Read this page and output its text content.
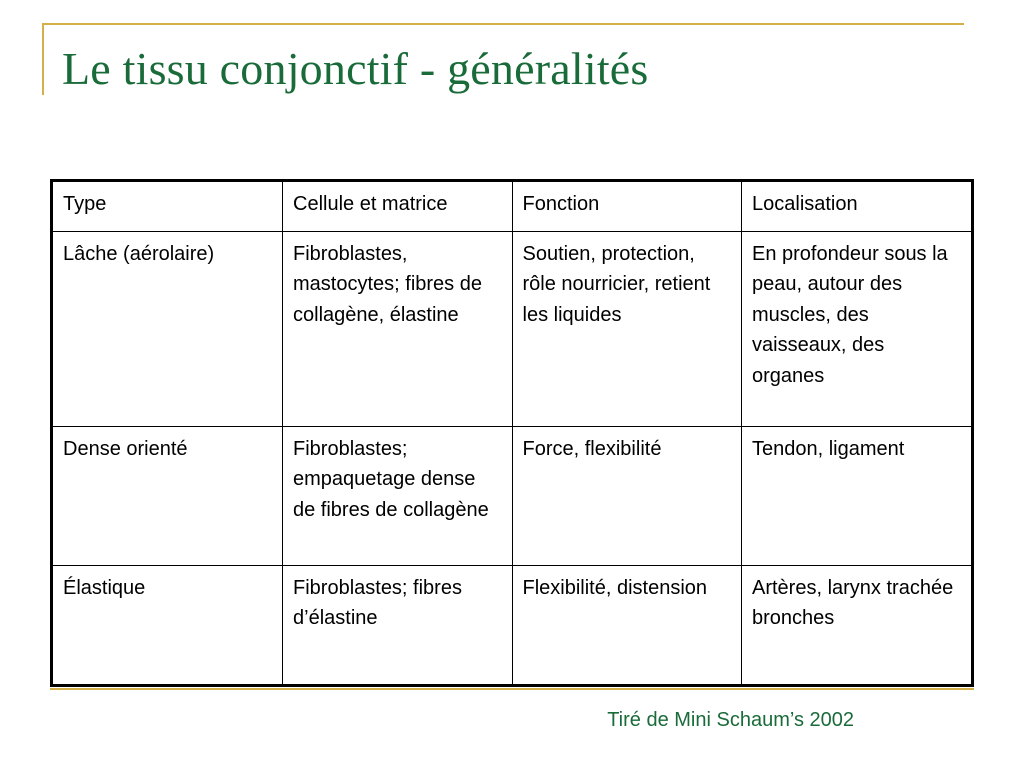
Le tissu conjonctif - généralités
Type	Cellule et matrice	Fonction	Localisation
Lâche (aérolaire)	Fibroblastes, mastocytes; fibres de collagène, élastine	Soutien, protection, rôle nourricier, retient les liquides	En profondeur sous la peau, autour des muscles, des vaisseaux, des organes
Dense orienté	Fibroblastes; empaquetage dense de fibres de collagène	Force, flexibilité	Tendon, ligament
Élastique	Fibroblastes; fibres d’élastine	Flexibilité, distension	Artères, larynx trachée bronches
Tiré de Mini Schaum’s 2002
